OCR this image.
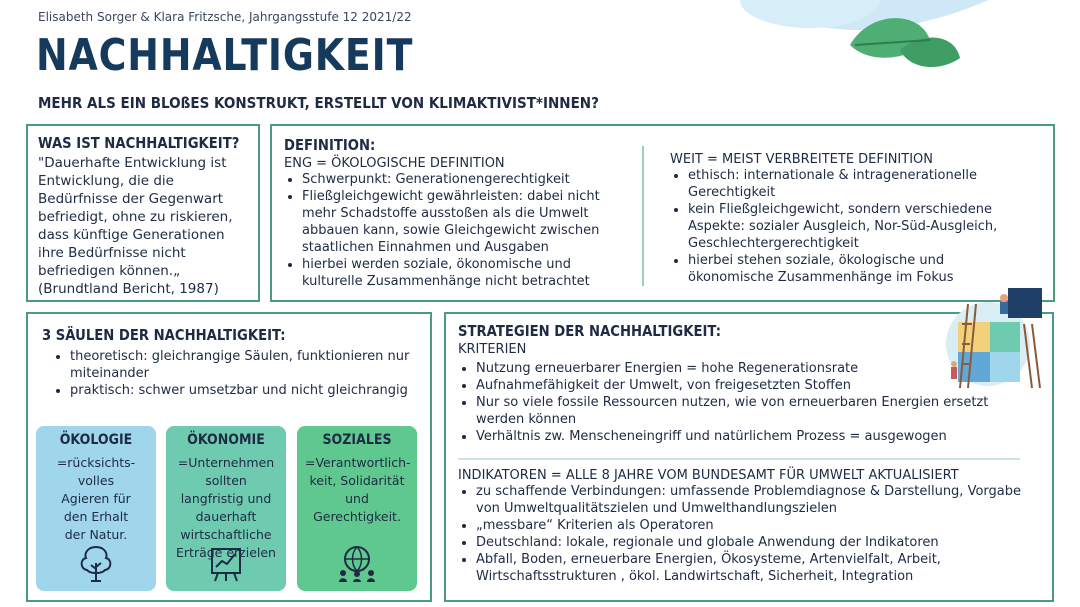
Elisabeth Sorger & Klara Fritzsche, Jahrgangsstufe 12 2021/22
NACHHALTIGKEIT
MEHR ALS EIN BLOßES KONSTRUKT, ERSTELLT VON KLIMAKTIVIST*INNEN?
WAS IST NACHHALTIGKEIT?
"Dauerhafte Entwicklung ist Entwicklung, die die Bedürfnisse der Gegenwart befriedigt, ohne zu riskieren, dass künftige Generationen ihre Bedürfnisse nicht befriedigen können.„ (Brundtland Bericht, 1987)
DEFINITION:

ENG = ÖKOLOGISCHE DEFINITION

• Schwerpunkt: Generationengerechtigkeit
• Fließgleichgewicht gewährleisten: dabei nicht mehr Schadstoffe ausstoßen als die Umwelt abbauen kann, sowie Gleichgewicht zwischen staatlichen Einnahmen und Ausgaben
• hierbei werden soziale, ökonomische und kulturelle Zusammenhänge nicht betrachtet

WEIT = MEIST VERBREITETE DEFINITION

• ethisch: internationale & intragenerationelle Gerechtigkeit
• kein Fließgleichgewicht, sondern verschiedene Aspekte: sozialer Ausgleich, Nor-Süd-Ausgleich, Geschlechtergerechtigkeit
• hierbei stehen soziale, ökologische und ökonomische Zusammenhänge im Fokus
3 SÄULEN DER NACHHALTIGKEIT:
• theoretisch: gleichrangige Säulen, funktionieren nur miteinander
• praktisch: schwer umsetzbar und nicht gleichrangig
ÖKOLOGIE
=rücksichts-volles Agieren für den Erhalt der Natur.
ÖKONOMIE
=Unternehmen sollten langfristig und dauerhaft wirtschaftliche Erträge erzielen
SOZIALES
=Verantwortlich-keit, Solidarität und Gerechtigkeit.
STRATEGIEN DER NACHHALTIGKEIT:

KRITERIEN

• Nutzung erneuerbarer Energien = hohe Regenerationsrate
• Aufnahmefähigkeit der Umwelt, von freigesetzten Stoffen
• Nur so viele fossile Ressourcen nutzen, wie von erneuerbaren Energien ersetzt werden können
• Verhältnis zw. Menscheneingriff und natürlichem Prozess = ausgewogen

INDIKATOREN = ALLE 8 JAHRE VOM BUNDESAMT FÜR UMWELT AKTUALISIERT

• zu schaffende Verbindungen: umfassende Problemdiagnose & Darstellung, Vorgabe von Umweltqualitätszielen und Umwelthandlungszielen
• „messbare“ Kriterien als Operatoren
• Deutschland: lokale, regionale und globale Anwendung der Indikatoren
• Abfall, Boden, erneuerbare Energien, Ökosysteme, Artenvielfalt, Arbeit, Wirtschaftsstrukturen , ökol. Landwirtschaft, Sicherheit, Integration
